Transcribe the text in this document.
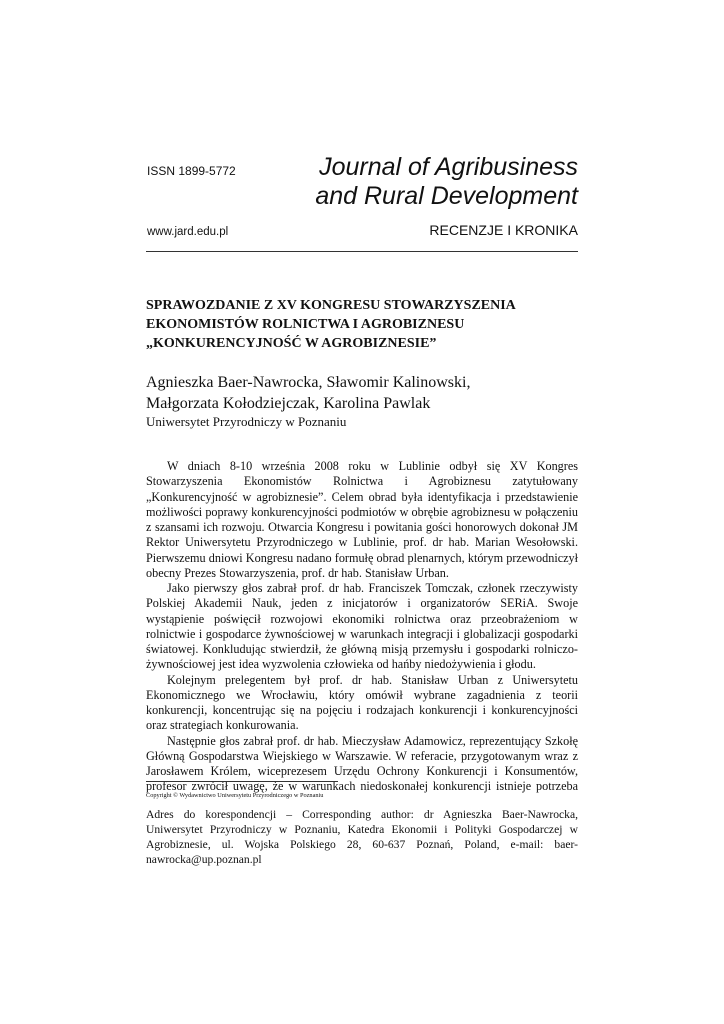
ISSN 1899-5772	Journal of Agribusiness
and Rural Development
www.jard.edu.pl	RECENZJE I KRONIKA
SPRAWOZDANIE Z XV KONGRESU STOWARZYSZENIA
EKONOMISTÓW ROLNICTWA I AGROBIZNESU
„KONKURENCYJNOŚĆ W AGROBIZNESIE”
Agnieszka Baer-Nawrocka, Sławomir Kalinowski,
Małgorzata Kołodziejczak, Karolina Pawlak
Uniwersytet Przyrodniczy w Poznaniu

W dniach 8-10 września 2008 roku w Lublinie odbył się XV Kongres Stowarzyszenia Ekonomistów Rolnictwa i Agrobiznesu zatytułowany „Konkurencyjność w agrobiznesie”. Celem obrad była identyfikacja i przedstawienie możliwości poprawy konkurencyjności podmiotów w obrębie agrobiznesu w połączeniu z szansami ich rozwoju. Otwarcia Kongresu i powitania gości honorowych dokonał JM Rektor Uniwersytetu Przyrodniczego w Lublinie, prof. dr hab. Marian Wesołowski. Pierwszemu dniowi Kongresu nadano formułę obrad plenarnych, którym przewodniczył obecny Prezes Stowarzyszenia, prof. dr hab. Stanisław Urban.

Jako pierwszy głos zabrał prof. dr hab. Franciszek Tomczak, członek rzeczywisty Polskiej Akademii Nauk, jeden z inicjatorów i organizatorów SERiA. Swoje wystąpienie poświęcił rozwojowi ekonomiki rolnictwa oraz przeobrażeniom w rolnictwie i gospodarce żywnościowej w warunkach integracji i globalizacji gospodarki światowej. Konkludując stwierdził, że główną misją przemysłu i gospodarki rolniczo-żywnościowej jest idea wyzwolenia człowieka od hańby niedożywienia i głodu.

Kolejnym prelegentem był prof. dr hab. Stanisław Urban z Uniwersytetu Ekonomicznego we Wrocławiu, który omówił wybrane zagadnienia z teorii konkurencji, koncentrując się na pojęciu i rodzajach konkurencji i konkurencyjności oraz strategiach konkurowania.

Następnie głos zabrał prof. dr hab. Mieczysław Adamowicz, reprezentujący Szkołę Główną Gospodarstwa Wiejskiego w Warszawie. W referacie, przygotowanym wraz z Jarosławem Królem, wiceprezesem Urzędu Ochrony Konkurencji i Konsumentów, profesor zwrócił uwagę, że w warunkach niedoskonałej konkurencji istnieje potrzeba

Copyright © Wydawnictwo Uniwersytetu Przyrodniczego w Poznaniu
Adres do korespondencji – Corresponding author: dr Agnieszka Baer-Nawrocka, Uniwersytet Przyrodniczy w Poznaniu, Katedra Ekonomii i Polityki Gospodarczej w Agrobiznesie, ul. Wojska Polskiego 28, 60-637 Poznań, Poland, e-mail: baer-nawrocka@up.poznan.pl
